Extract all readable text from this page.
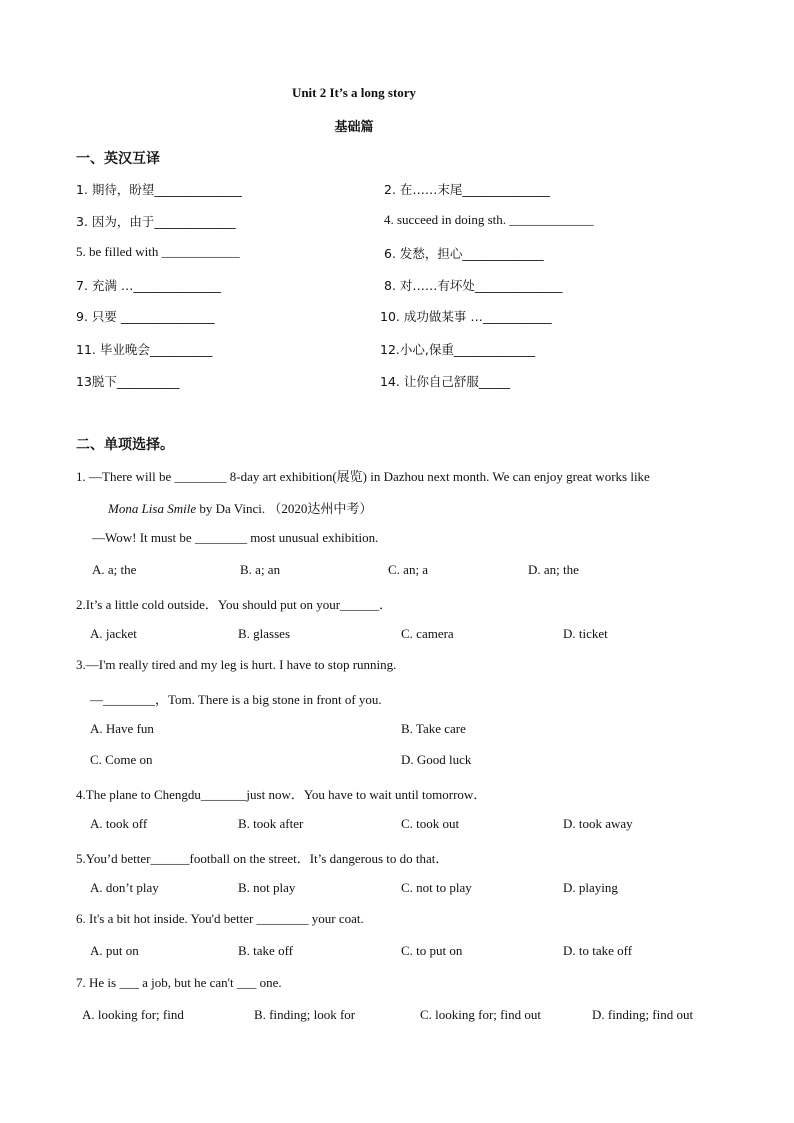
Unit 2 It’s a long story
基础篇
一、英汉互译
1. 期待，盼望______________	2. 在……末尾______________
3. 因为，由于_____________	4. succeed in doing sth. _____________
5. be filled with ____________	6. 发愁，担心_____________
7. 充满 …______________	8. 对……有坏处______________
9. 只要 _______________	10. 成功做某事 …___________
11. 毕业晚会__________	12.小心,保重_____________
13脱下__________	14. 让你自己舒服_____
二、单项选择。
1. —There will be ________ 8-day art exhibition(展览) in Dazhou next month. We can enjoy great works like
Mona Lisa Smile by Da Vinci. （2020达州中考）
—Wow! It must be ________ most unusual exhibition.
A. a; the	B. a; an	C. an; a	D. an; the
2.It’s a little cold outside．You should put on your______．
A. jacket	B. glasses	C. camera	D. ticket
3.—I'm really tired and my leg is hurt. I have to stop running.
—________，Tom. There is a big stone in front of you.
A. Have fun	B. Take care
C. Come on	D. Good luck
4.The plane to Chengdu_______just now．You have to wait until tomorrow．
A. took off	B. took after	C. took out	D. took away
5.You’d better______football on the street．It’s dangerous to do that．
A. don’t play	B. not play	C. not to play	D. playing
6. It's a bit hot inside. You'd better ________ your coat.
A. put on	B. take off	C. to put on	D. to take off
7. He is ___ a job, but he can't ___ one.
A. looking for; find	B. finding; look for	C. looking for; find out	D. finding; find out
